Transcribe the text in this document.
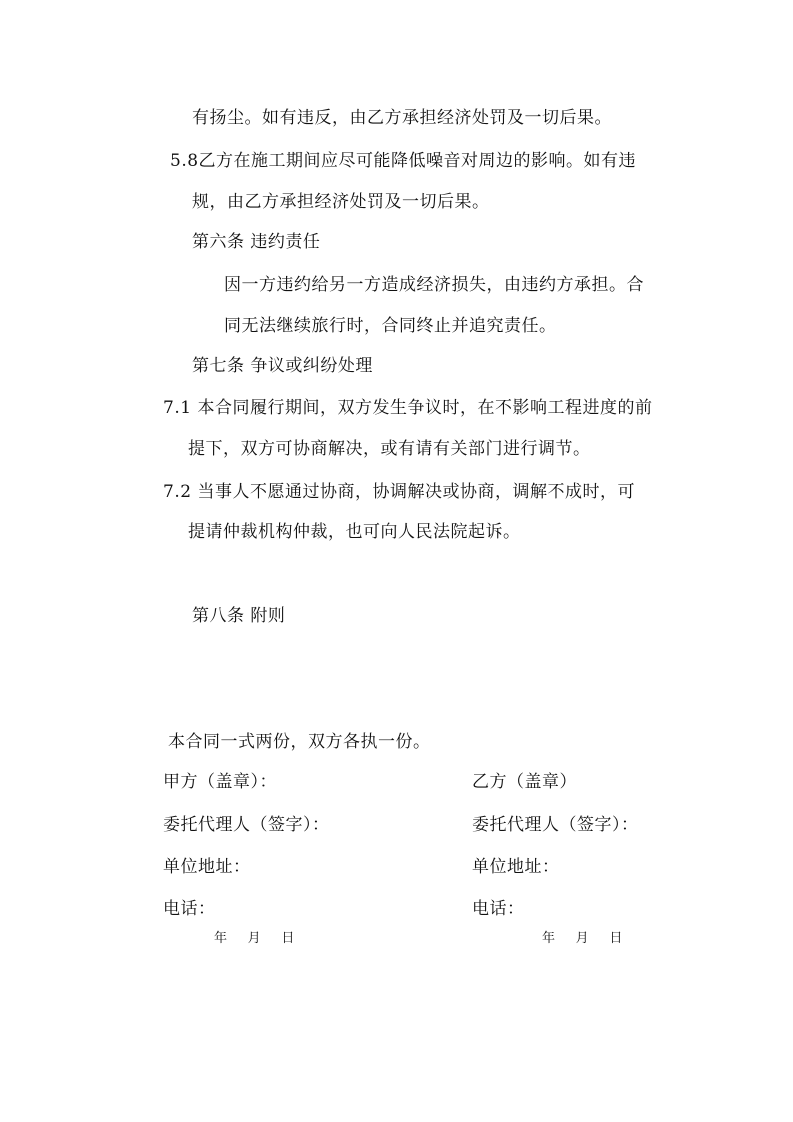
有扬尘。如有违反，由乙方承担经济处罚及一切后果。
5.8乙方在施工期间应尽可能降低噪音对周边的影响。如有违
规，由乙方承担经济处罚及一切后果。
第六条 违约责任
因一方违约给另一方造成经济损失，由违约方承担。合
同无法继续旅行时，合同终止并追究责任。
第七条 争议或纠纷处理
7.1 本合同履行期间，双方发生争议时，在不影响工程进度的前
提下，双方可协商解决，或有请有关部门进行调节。
7.2 当事人不愿通过协商，协调解决或协商，调解不成时，可
提请仲裁机构仲裁，也可向人民法院起诉。
第八条 附则
本合同一式两份，双方各执一份。
甲方（盖章）：
委托代理人（签字）：
单位地址：
电话：
年     月     日
乙方（盖章）
委托代理人（签字）：
单位地址：
电话：
年     月     日
